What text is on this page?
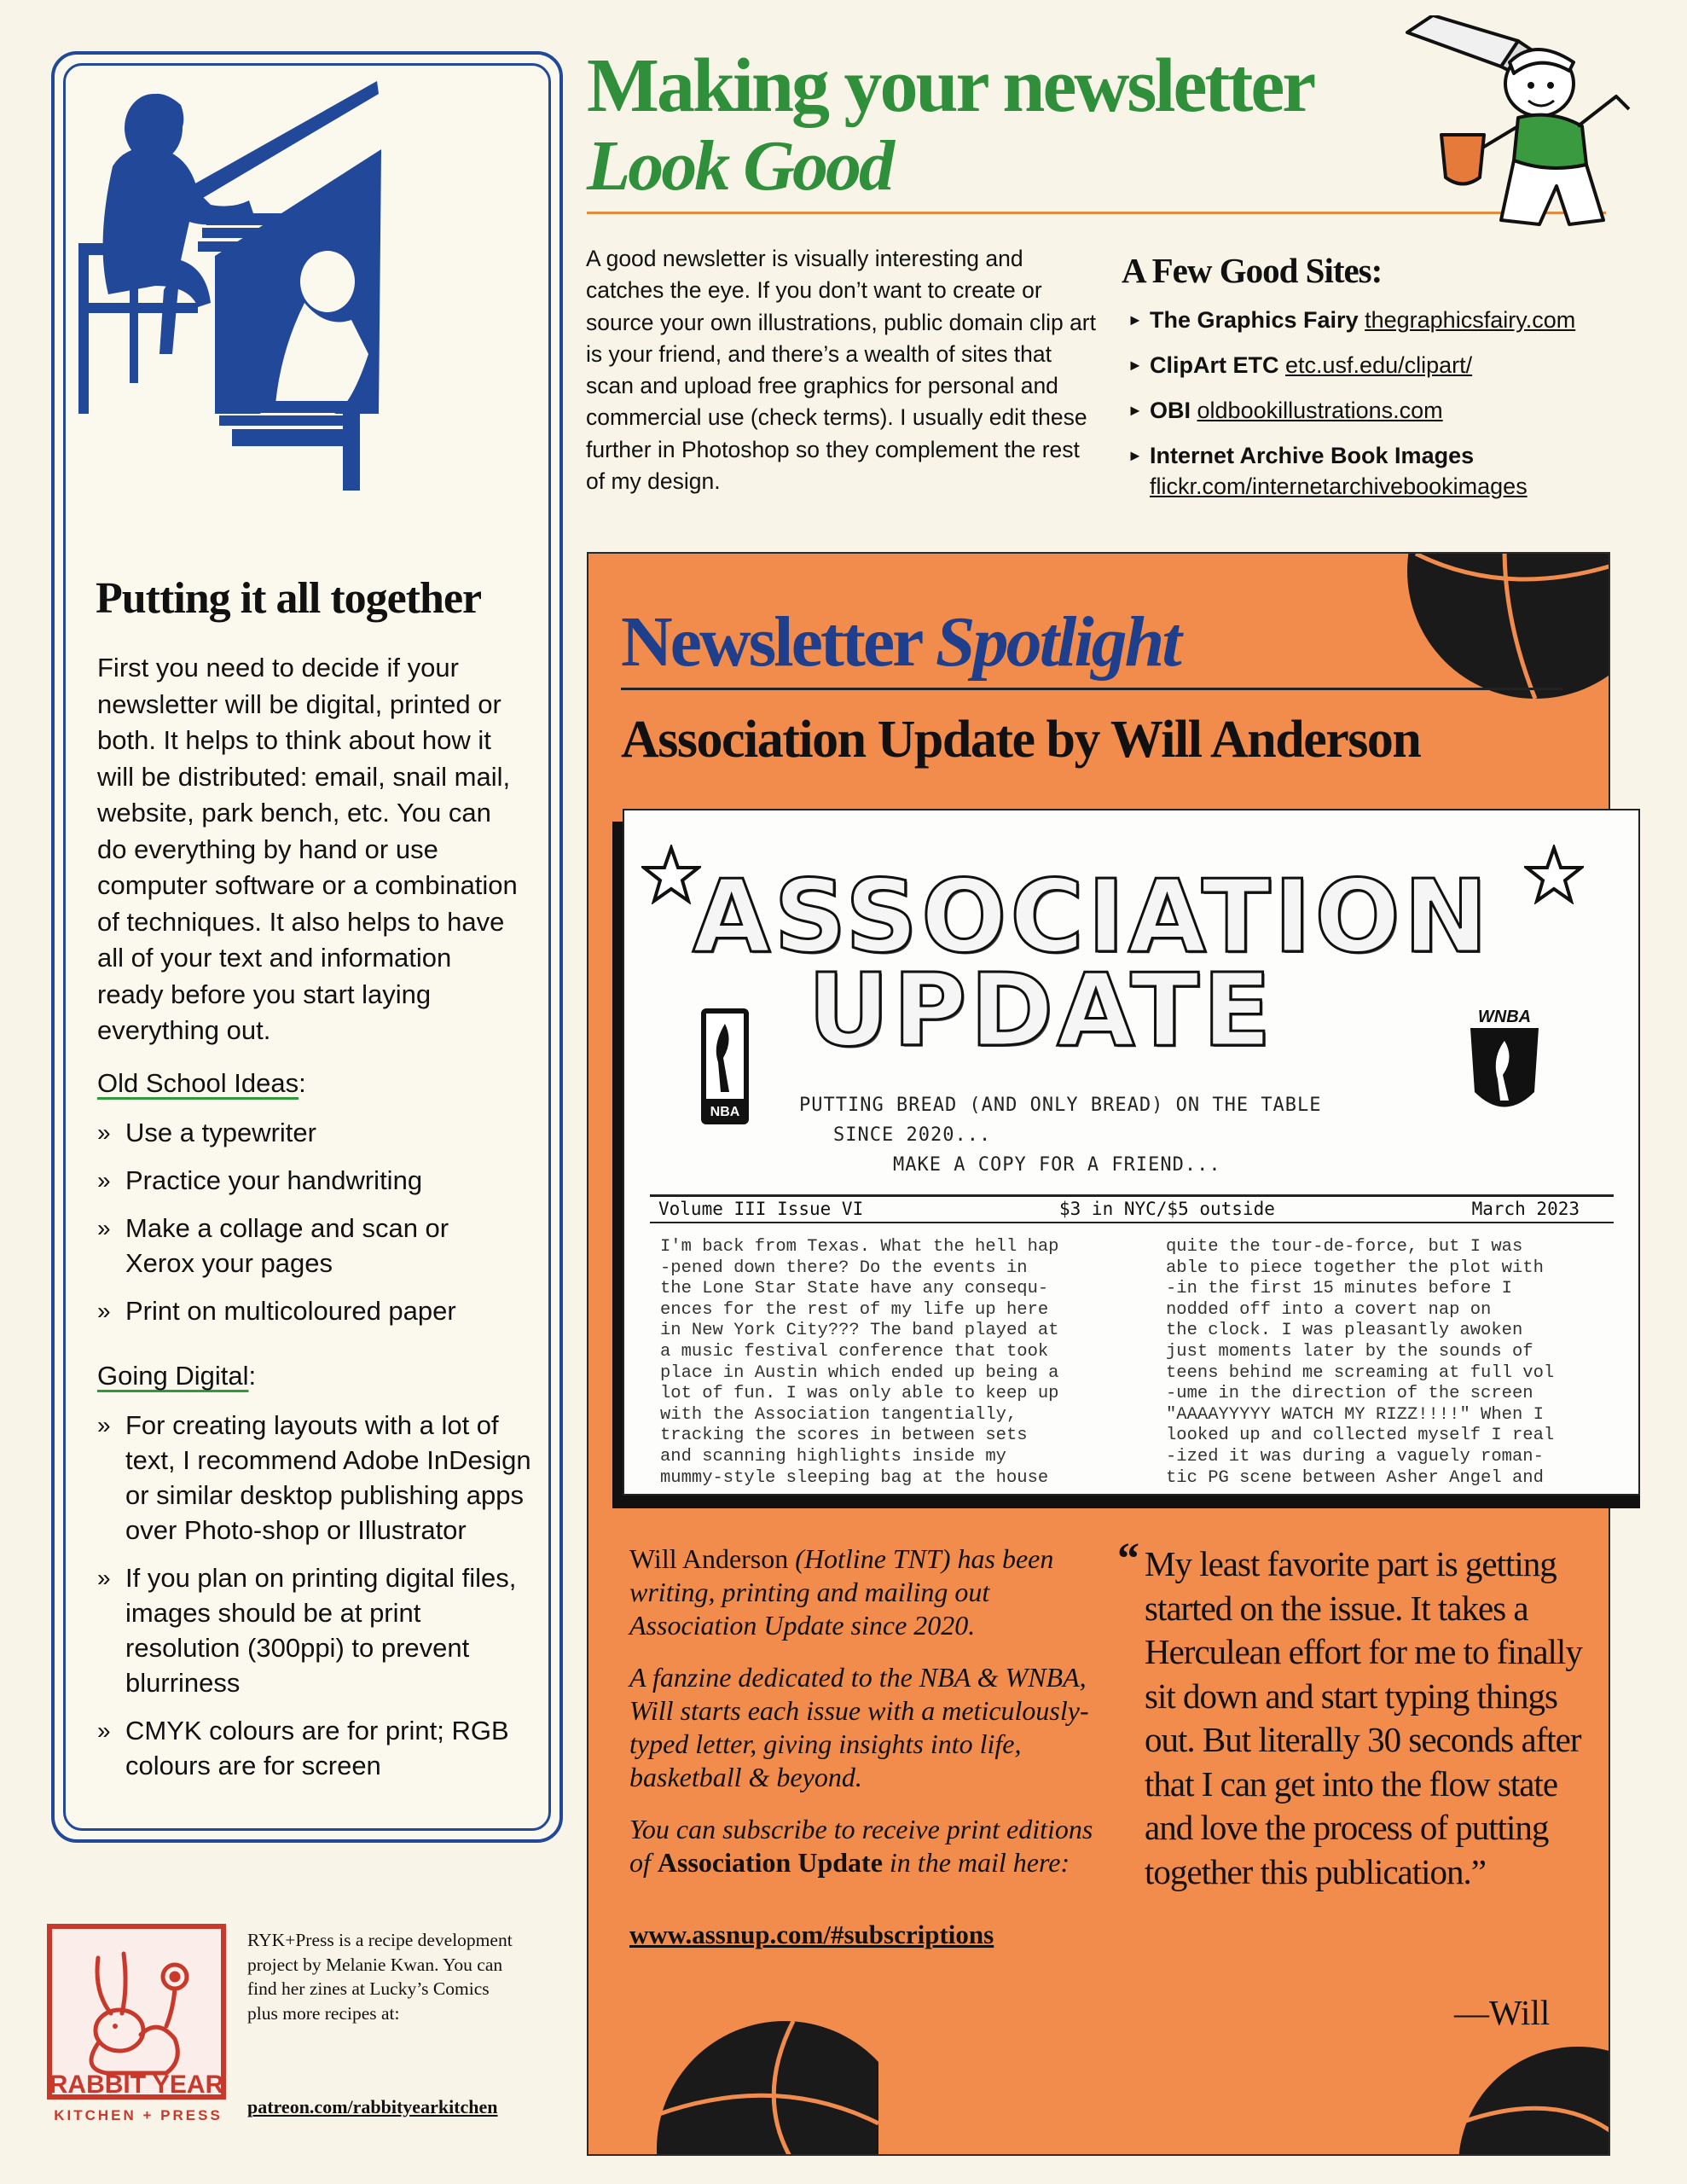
Putting it all together

First you need to decide if your newsletter will be digital, printed or both. It helps to think about how it will be distributed: email, snail mail, website, park bench, etc. You can do everything by hand or use computer software or a combination of techniques. It also helps to have all of your text and information ready before you start laying everything out.

Old School Ideas:
» Use a typewriter
» Practice your handwriting
» Make a collage and scan or Xerox your pages
» Print on multicoloured paper
Going Digital:
» For creating layouts with a lot of text, I recommend Adobe InDesign or similar desktop publishing apps over Photo-shop or Illustrator
» If you plan on printing digital files, images should be at print resolution (300ppi) to prevent blurriness
» CMYK colours are for print; RGB colours are for screen
RABBIT YEAR
KITCHEN + PRESS

RYK+Press is a recipe development project by Melanie Kwan. You can find her zines at Lucky’s Comics plus more recipes at:

patreon.com/rabbityearkitchen
Making your newsletter
Look Good

A good newsletter is visually interesting and catches the eye. If you don’t want to create or source your own illustrations, public domain clip art is your friend, and there’s a wealth of sites that scan and upload free graphics for personal and commercial use (check terms). I usually edit these further in Photoshop so they complement the rest of my design.

A Few Good Sites:
► The Graphics Fairy thegraphicsfairy.com
► ClipArt ETC etc.usf.edu/clipart/
► OBI oldbookillustrations.com
► Internet Archive Book Images
flickr.com/internetarchivebookimages
Newsletter Spotlight
Association Update by Will Anderson
ASSOCIATION
UPDATE
NBA
WNBA
PUTTING BREAD (AND ONLY BREAD) ON THE TABLE
SINCE 2020...
MAKE A COPY FOR A FRIEND...
Volume III Issue VI	$3 in NYC/$5 outside	March 2023
I'm back from Texas. What the hell hap
-pened down there? Do the events in
the Lone Star State have any consequ-
ences for the rest of my life up here
in New York City??? The band played at
a music festival conference that took
place in Austin which ended up being a
lot of fun. I was only able to keep up
with the Association tangentially,
tracking the scores in between sets
and scanning highlights inside my
mummy-style sleeping bag at the house
quite the tour-de-force, but I was
able to piece together the plot with
-in the first 15 minutes before I
nodded off into a covert nap on
the clock. I was pleasantly awoken
just moments later by the sounds of
teens behind me screaming at full vol
-ume in the direction of the screen
"AAAAYYYYY WATCH MY RIZZ!!!!" When I
looked up and collected myself I real
-ized it was during a vaguely roman-
tic PG scene between Asher Angel and

Will Anderson (Hotline TNT) has been writing, printing and mailing out Association Update since 2020.

A fanzine dedicated to the NBA & WNBA, Will starts each issue with a meticulously-typed letter, giving insights into life, basketball & beyond.

You can subscribe to receive print editions of Association Update in the mail here:

www.assnup.com/#subscriptions
“ My least favorite part is getting started on the issue. It takes a Herculean effort for me to finally sit down and start typing things out. But literally 30 seconds after that I can get into the flow state and love the process of putting together this publication.”
—Will
